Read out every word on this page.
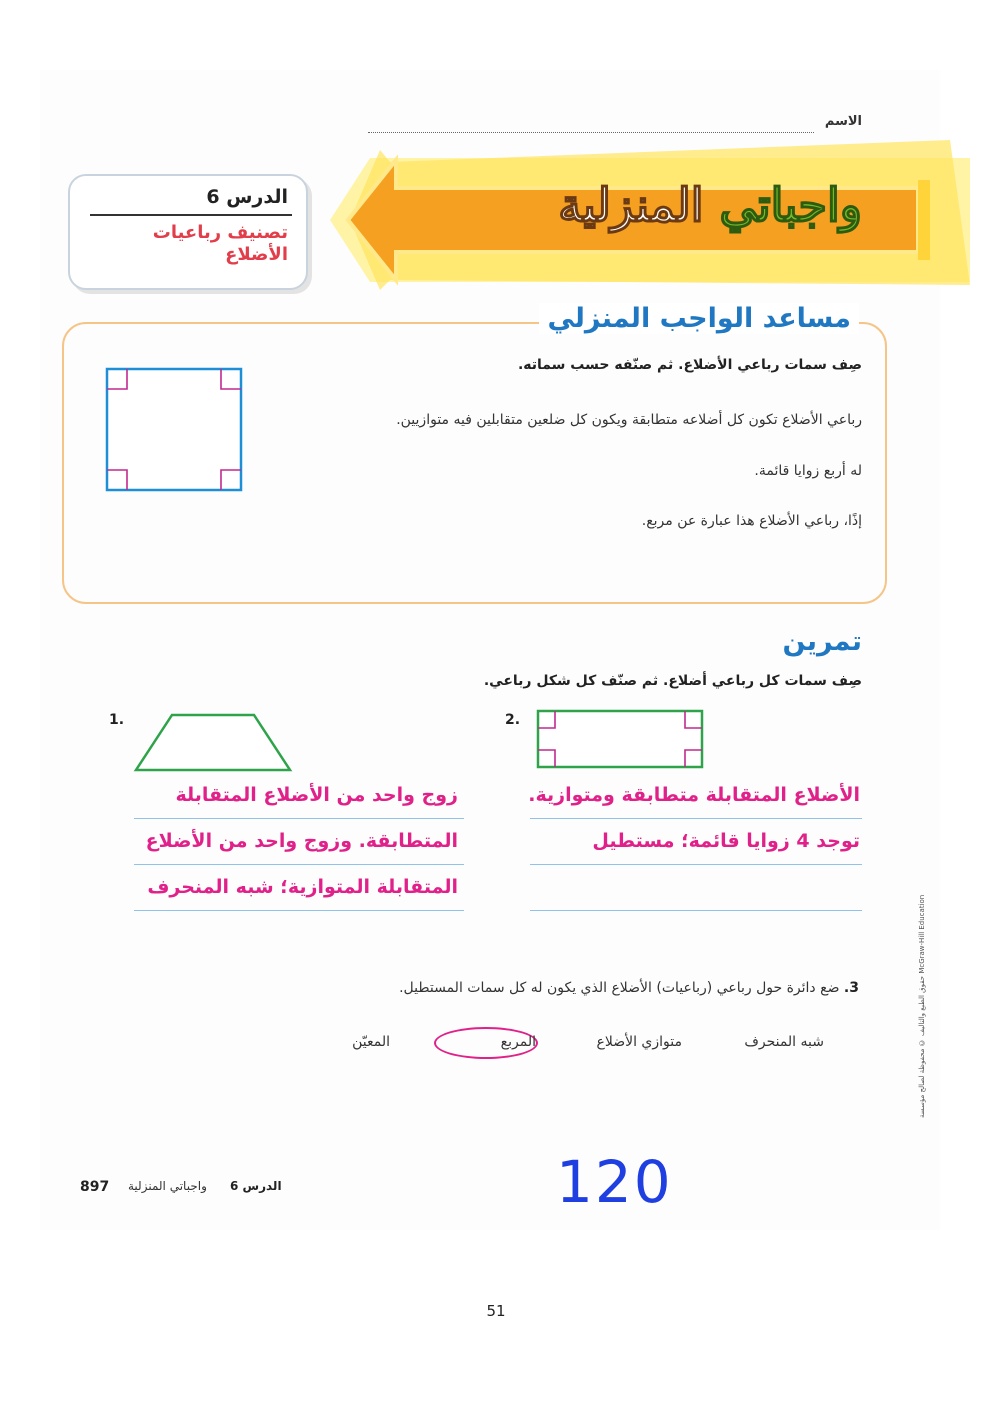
الاسم
واجباتي المنزلية
الدرس 6
تصنيف رباعيات الأضلاع
مساعد الواجب المنزلي
صِف سمات رباعي الأضلاع. ثم صنّفه حسب سماته.
رباعي الأضلاع تكون كل أضلاعه متطابقة ويكون كل ضلعين متقابلين فيه متوازيين.
له أربع زوايا قائمة.
إذًا، رباعي الأضلاع هذا عبارة عن مربع.
تمرين
صِف سمات كل رباعي أضلاع. ثم صنّف كل شكل رباعي.
1.	2.
زوج واحد من الأضلاع المتقابلة
المتطابقة. وزوج واحد من الأضلاع
المتقابلة المتوازية؛ شبه المنحرف
الأضلاع المتقابلة متطابقة ومتوازية.
توجد 4 زوايا قائمة؛ مستطيل
3. ضع دائرة حول رباعي (رباعيات) الأضلاع الذي يكون له كل سمات المستطيل.
شبه المنحرف
متوازي الأضلاع
المربع
المعيّن
897 واجباتي المنزلية الدرس 6	120
51
حقوق الطبع والتأليف © محفوظة لصالح مؤسسة McGraw-Hill Education
